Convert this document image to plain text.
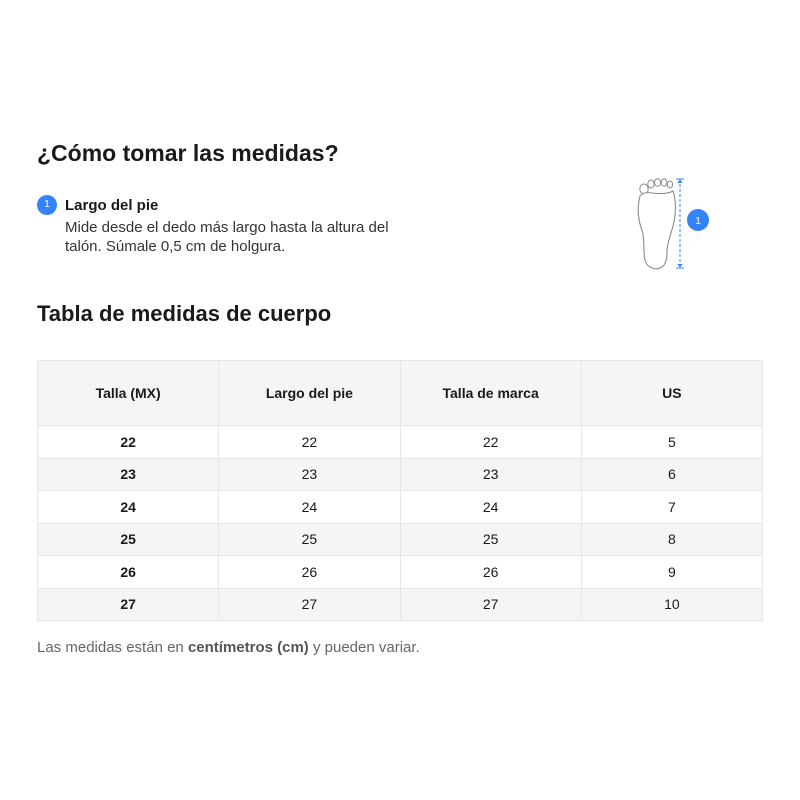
¿Cómo tomar las medidas?
1	Largo del pie
Mide desde el dedo más largo hasta la altura del talón. Súmale 0,5 cm de holgura.
1
Tabla de medidas de cuerpo
Talla (MX)	Largo del pie	Talla de marca	US
22	22	22	5
23	23	23	6
24	24	24	7
25	25	25	8
26	26	26	9
27	27	27	10
Las medidas están en centímetros (cm) y pueden variar.
